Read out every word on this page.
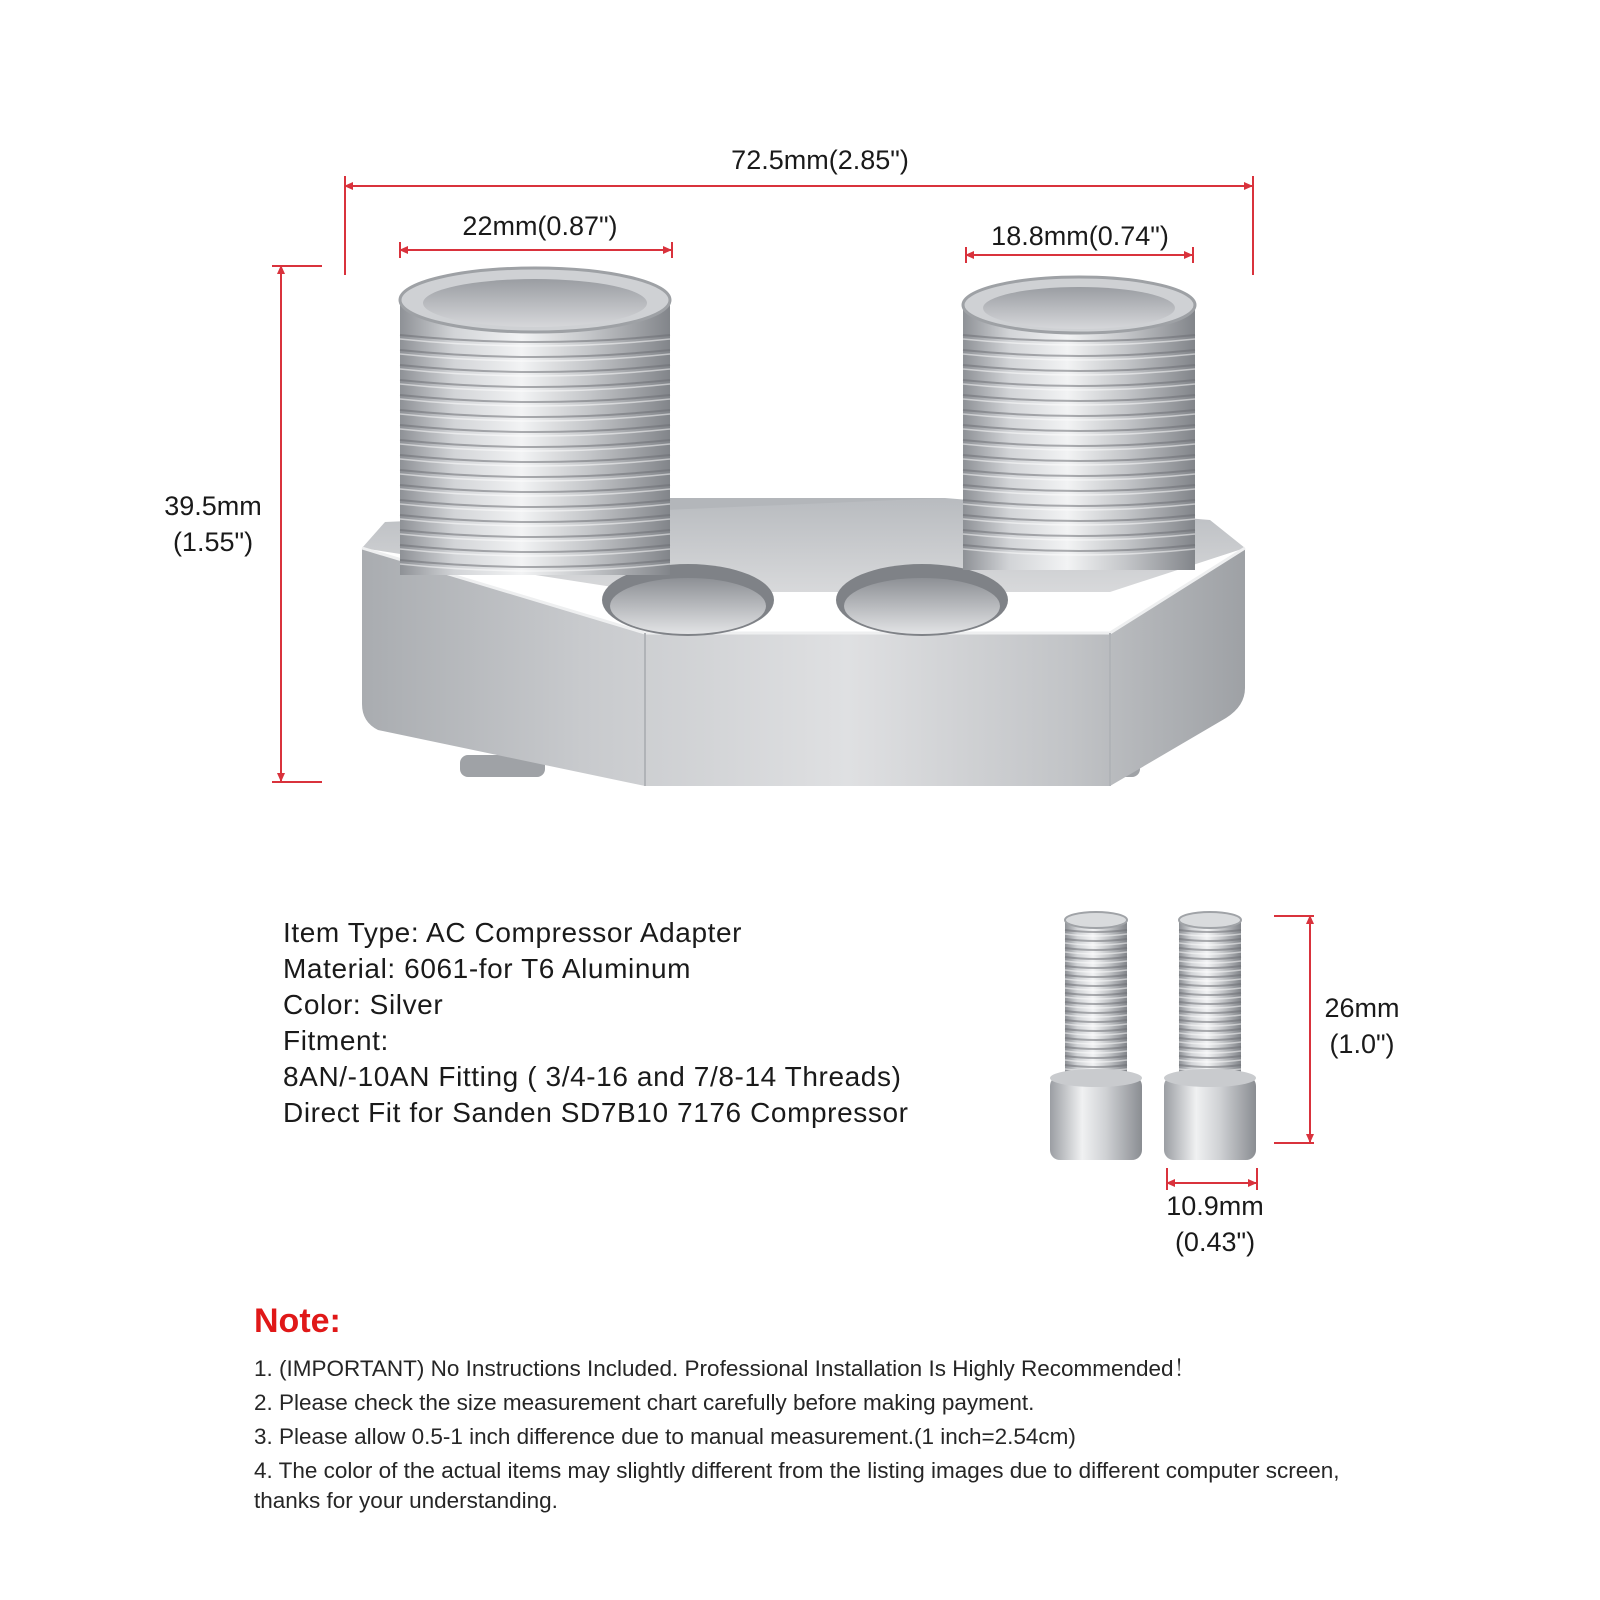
72.5mm(2.85")
22mm(0.87")	18.8mm(0.74")
39.5mm
(1.55")
26mm
(1.0")
10.9mm
(0.43")
Item Type: AC Compressor Adapter
Material: 6061-for T6 Aluminum
Color: Silver
Fitment:
8AN/-10AN Fitting ( 3/4-16 and 7/8-14 Threads)
Direct Fit for Sanden SD7B10 7176 Compressor
Note:
1. (IMPORTANT) No Instructions Included. Professional Installation Is Highly Recommended！
2. Please check the size measurement chart carefully before making payment.
3. Please allow 0.5-1 inch difference due to manual measurement.(1 inch=2.54cm)
4. The color of the actual items may slightly different from the listing images due to different computer screen, thanks for your understanding.
